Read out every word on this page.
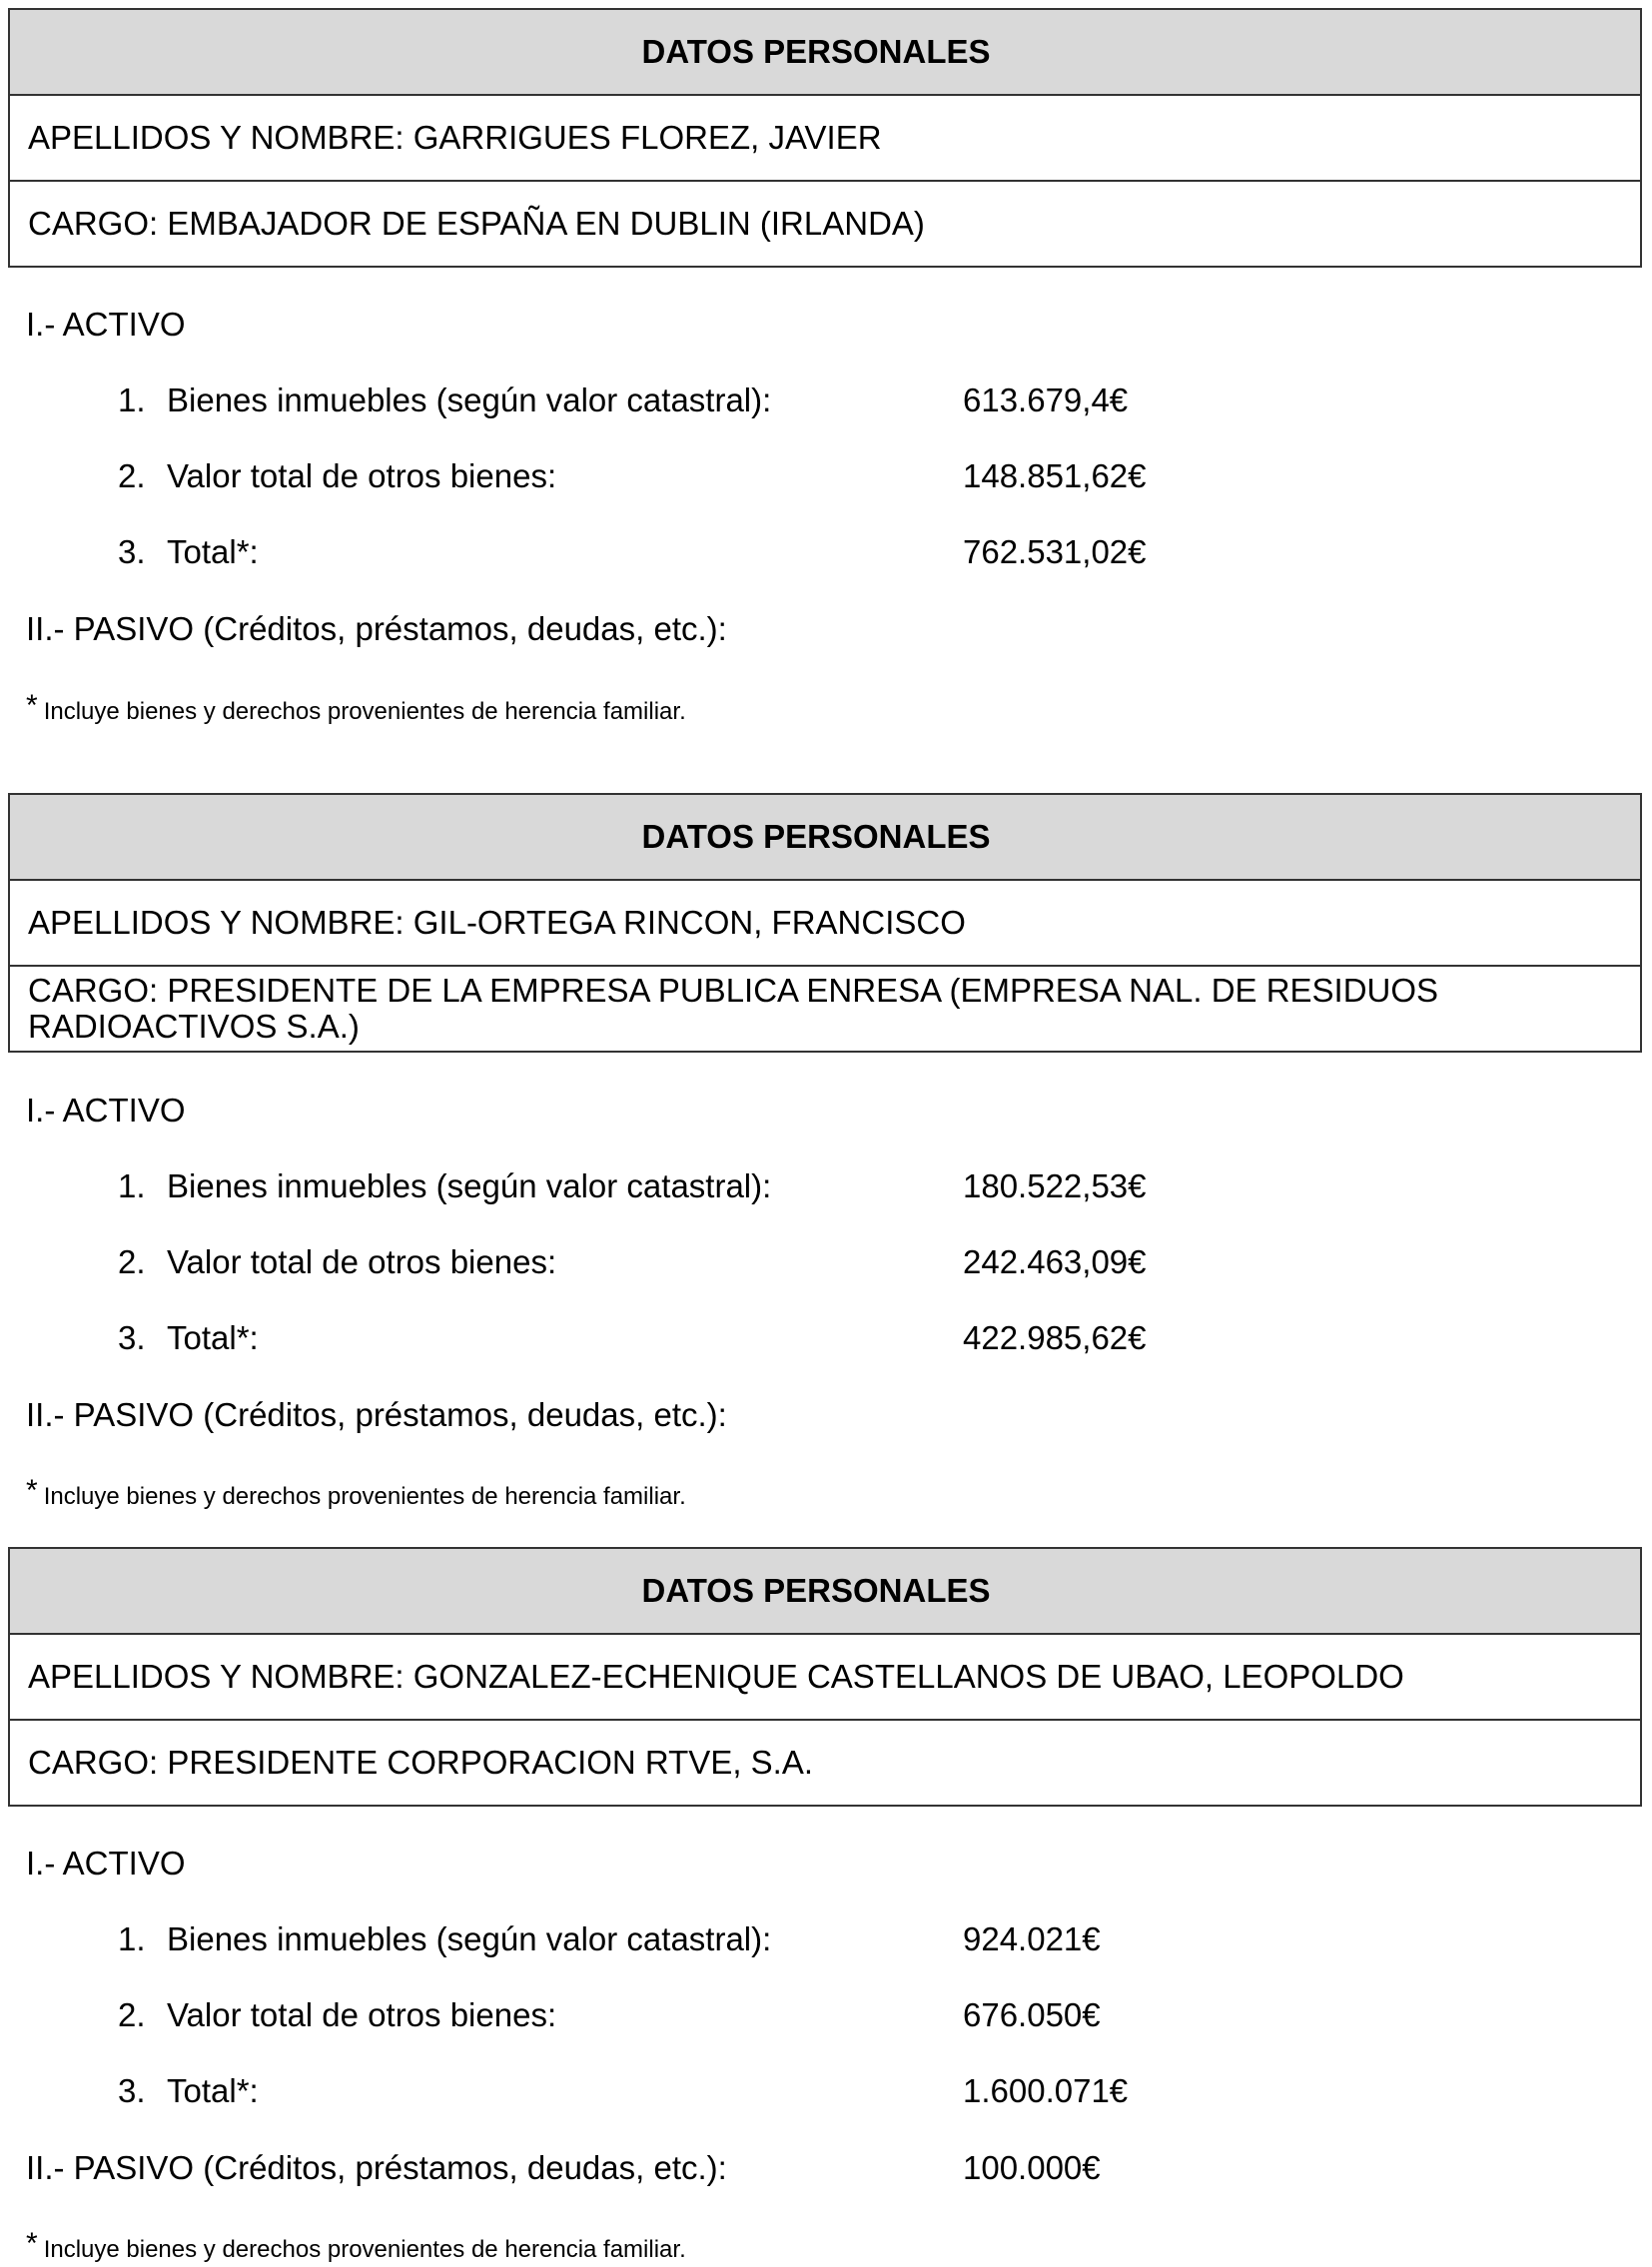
DATOS PERSONALES
APELLIDOS Y NOMBRE: GARRIGUES FLOREZ, JAVIER
CARGO: EMBAJADOR DE ESPAÑA EN DUBLIN (IRLANDA)
I.- ACTIVO
1. Bienes inmuebles (según valor catastral):	613.679,4€
2. Valor total de otros bienes:	148.851,62€
3. Total*:	762.531,02€
II.- PASIVO (Créditos, préstamos, deudas, etc.):
* Incluye bienes y derechos provenientes de herencia familiar.
DATOS PERSONALES
APELLIDOS Y NOMBRE: GIL-ORTEGA RINCON, FRANCISCO
CARGO: PRESIDENTE DE LA EMPRESA PUBLICA ENRESA (EMPRESA NAL. DE RESIDUOS RADIOACTIVOS S.A.)
I.- ACTIVO
1. Bienes inmuebles (según valor catastral):	180.522,53€
2. Valor total de otros bienes:	242.463,09€
3. Total*:	422.985,62€
II.- PASIVO (Créditos, préstamos, deudas, etc.):
* Incluye bienes y derechos provenientes de herencia familiar.
DATOS PERSONALES
APELLIDOS Y NOMBRE: GONZALEZ-ECHENIQUE CASTELLANOS DE UBAO, LEOPOLDO
CARGO: PRESIDENTE CORPORACION RTVE, S.A.
I.- ACTIVO
1. Bienes inmuebles (según valor catastral):	924.021€
2. Valor total de otros bienes:	676.050€
3. Total*:	1.600.071€
II.- PASIVO (Créditos, préstamos, deudas, etc.):	100.000€
* Incluye bienes y derechos provenientes de herencia familiar.
